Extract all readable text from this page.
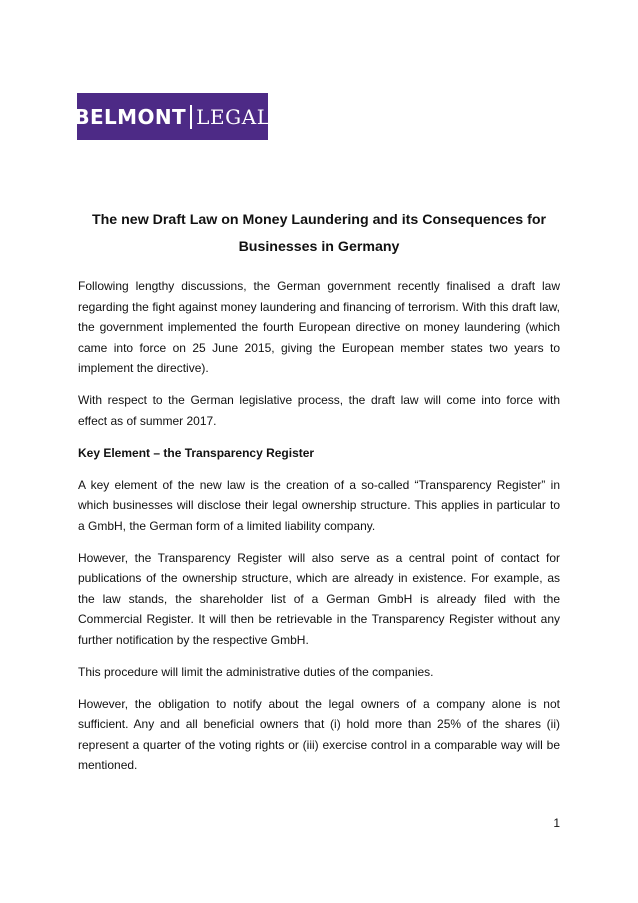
BELMONT LEGAL
The new Draft Law on Money Laundering and its Consequences for
Businesses in Germany

Following lengthy discussions, the German government recently finalised a draft law regarding the fight against money laundering and financing of terrorism. With this draft law, the government implemented the fourth European directive on money laundering (which came into force on 25 June 2015, giving the European member states two years to implement the directive).

With respect to the German legislative process, the draft law will come into force with effect as of summer 2017.

Key Element – the Transparency Register

A key element of the new law is the creation of a so-called “Transparency Register” in which businesses will disclose their legal ownership structure. This applies in particular to a GmbH, the German form of a limited liability company.

However, the Transparency Register will also serve as a central point of contact for publications of the ownership structure, which are already in existence. For example, as the law stands, the shareholder list of a German GmbH is already filed with the Commercial Register. It will then be retrievable in the Transparency Register without any further notification by the respective GmbH.

This procedure will limit the administrative duties of the companies.

However, the obligation to notify about the legal owners of a company alone is not sufficient. Any and all beneficial owners that (i) hold more than 25% of the shares (ii) represent a quarter of the voting rights or (iii) exercise control in a comparable way will be mentioned.

1
